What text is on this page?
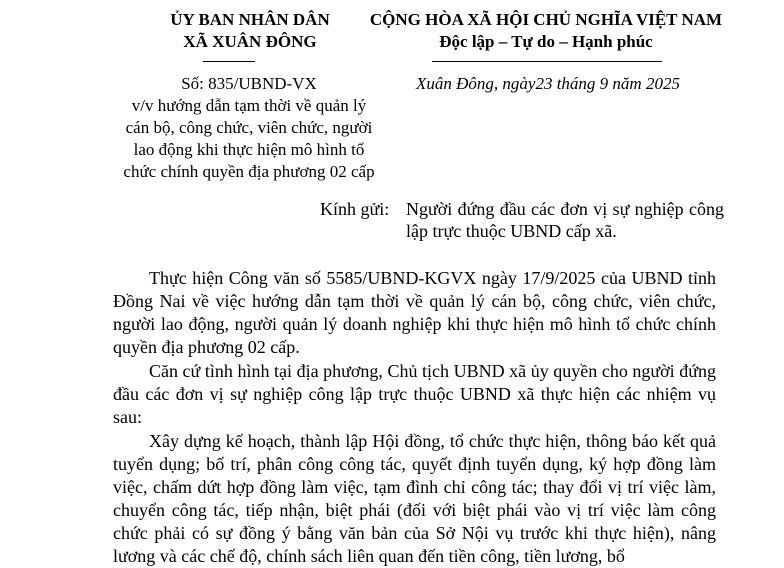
ỦY BAN NHÂN DÂN
XÃ XUÂN ĐÔNG
CỘNG HÒA XÃ HỘI CHỦ NGHĨA VIỆT NAM
Độc lập – Tự do – Hạnh phúc
Số: 835/UBND-VX
v/v hướng dẫn tạm thời về quản lý
cán bộ, công chức, viên chức, người
lao động khi thực hiện mô hình tổ
chức chính quyền địa phương 02 cấp
Xuân Đông, ngày23 tháng 9 năm 2025
Kính gửi: Người đứng đầu các đơn vị sự nghiệp công lập trực thuộc UBND cấp xã.

Thực hiện Công văn số 5585/UBND-KGVX ngày 17/9/2025 của UBND tỉnh Đồng Nai về việc hướng dẫn tạm thời về quản lý cán bộ, công chức, viên chức, người lao động, người quản lý doanh nghiệp khi thực hiện mô hình tổ chức chính quyền địa phương 02 cấp.

Căn cứ tình hình tại địa phương, Chủ tịch UBND xã ủy quyền cho người đứng đầu các đơn vị sự nghiệp công lập trực thuộc UBND xã thực hiện các nhiệm vụ sau:

Xây dựng kế hoạch, thành lập Hội đồng, tổ chức thực hiện, thông báo kết quả tuyển dụng; bố trí, phân công công tác, quyết định tuyển dụng, ký hợp đồng làm việc, chấm dứt hợp đồng làm việc, tạm đình chỉ công tác; thay đổi vị trí việc làm, chuyển công tác, tiếp nhận, biệt phái (đối với biệt phái vào vị trí việc làm công chức phải có sự đồng ý bằng văn bản của Sở Nội vụ trước khi thực hiện), nâng lương và các chế độ, chính sách liên quan đến tiền công, tiền lương, bổ
